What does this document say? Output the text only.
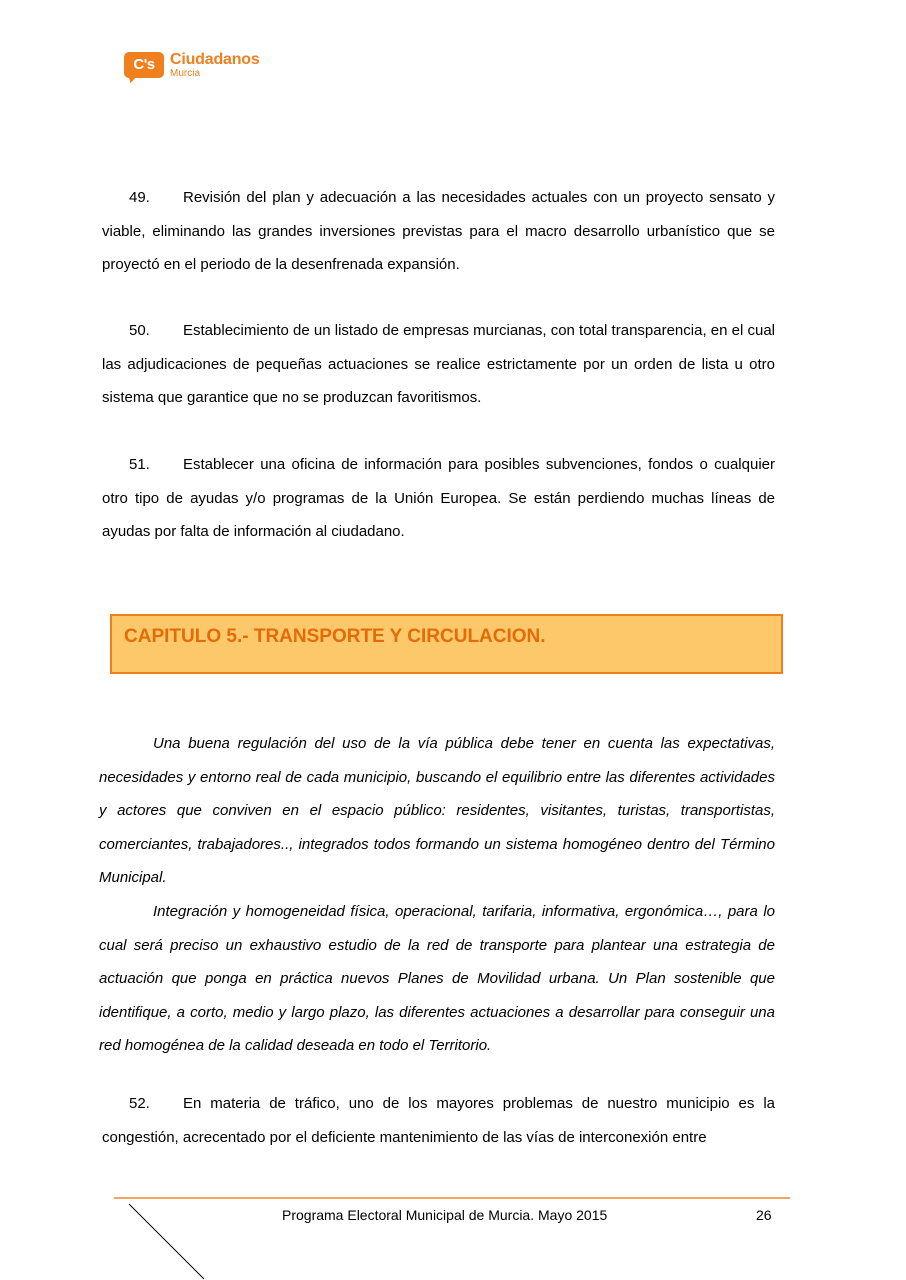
C's Ciudadanos
Murcia

49. Revisión del plan y adecuación a las necesidades actuales con un proyecto sensato y viable, eliminando las grandes inversiones previstas para el macro desarrollo urbanístico que se proyectó en el periodo de la desenfrenada expansión.

50. Establecimiento de un listado de empresas murcianas, con total transparencia, en el cual las adjudicaciones de pequeñas actuaciones se realice estrictamente por un orden de lista u otro sistema que garantice que no se produzcan favoritismos.

51. Establecer una oficina de información para posibles subvenciones, fondos o cualquier otro tipo de ayudas y/o programas de la Unión Europea. Se están perdiendo muchas líneas de ayudas por falta de información al ciudadano.

CAPITULO 5.- TRANSPORTE Y CIRCULACION.

Una buena regulación del uso de la vía pública debe tener en cuenta las expectativas, necesidades y entorno real de cada municipio, buscando el equilibrio entre las diferentes actividades y actores que conviven en el espacio público: residentes, visitantes, turistas, transportistas, comerciantes, trabajadores.., integrados todos formando un sistema homogéneo dentro del Término Municipal.

Integración y homogeneidad física, operacional, tarifaria, informativa, ergonómica…, para lo cual será preciso un exhaustivo estudio de la red de transporte para plantear una estrategia de actuación que ponga en práctica nuevos Planes de Movilidad urbana. Un Plan sostenible que identifique, a corto, medio y largo plazo, las diferentes actuaciones a desarrollar para conseguir una red homogénea de la calidad deseada en todo el Territorio.

52. En materia de tráfico, uno de los mayores problemas de nuestro municipio es la congestión, acrecentado por el deficiente mantenimiento de las vías de interconexión entre

Programa Electoral Municipal de Murcia. Mayo 2015	26
